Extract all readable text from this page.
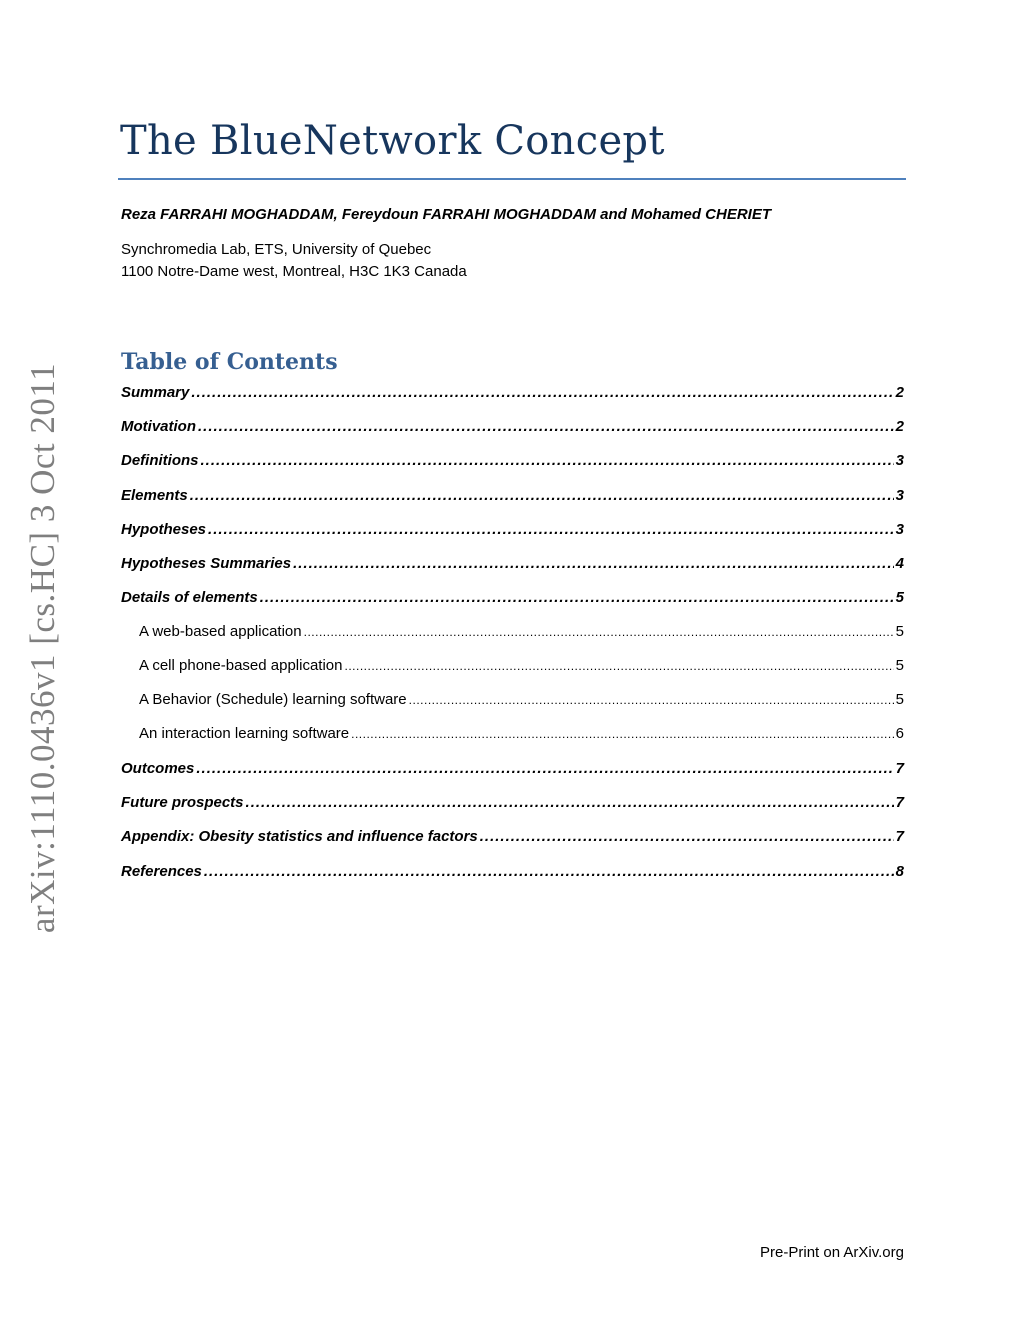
arXiv:1110.0436v1 [cs.HC] 3 Oct 2011
The BlueNetwork Concept
Reza FARRAHI MOGHADDAM, Fereydoun FARRAHI MOGHADDAM and Mohamed CHERIET
Synchromedia Lab, ETS, University of Quebec
1100 Notre-Dame west, Montreal, H3C 1K3 Canada
Table of Contents
Summary .....	2
Motivation .....	2
Definitions .....	3
Elements .....	3
Hypotheses .....	3
Hypotheses Summaries .....	4
Details of elements .....	5
A web-based application .....	5
A cell phone-based application .....	5
A Behavior (Schedule) learning software .....	5
An interaction learning software .....	6
Outcomes .....	7
Future prospects .....	7
Appendix: Obesity statistics and influence factors .....	7
References .....	8
Pre-Print on ArXiv.org
